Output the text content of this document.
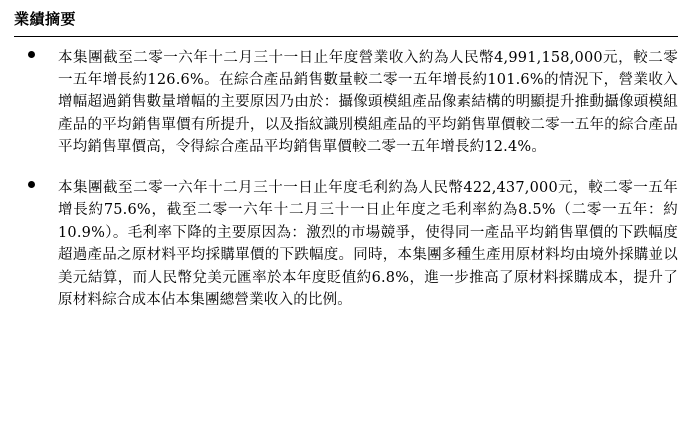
業績摘要

本集團截至二零一六年十二月三十一日止年度營業收入約為人民幣4,991,158,000元，較二零一五年增長約126.6%。在綜合產品銷售數量較二零一五年增長約101.6%的情況下，營業收入增幅超過銷售數量增幅的主要原因乃由於：攝像頭模組產品像素結構的明顯提升推動攝像頭模組產品的平均銷售單價有所提升，以及指紋識別模組產品的平均銷售單價較二零一五年的綜合產品平均銷售單價高，令得綜合產品平均銷售單價較二零一五年增長約12.4%。

本集團截至二零一六年十二月三十一日止年度毛利約為人民幣422,437,000元，較二零一五年增長約75.6%，截至二零一六年十二月三十一日止年度之毛利率約為8.5%（二零一五年：約10.9%）。毛利率下降的主要原因為：激烈的市場競爭，使得同一產品平均銷售單價的下跌幅度超過產品之原材料平均採購單價的下跌幅度。同時，本集團多種生產用原材料均由境外採購並以美元結算，而人民幣兌美元匯率於本年度貶值約6.8%，進一步推高了原材料採購成本，提升了原材料綜合成本佔本集團總營業收入的比例。
